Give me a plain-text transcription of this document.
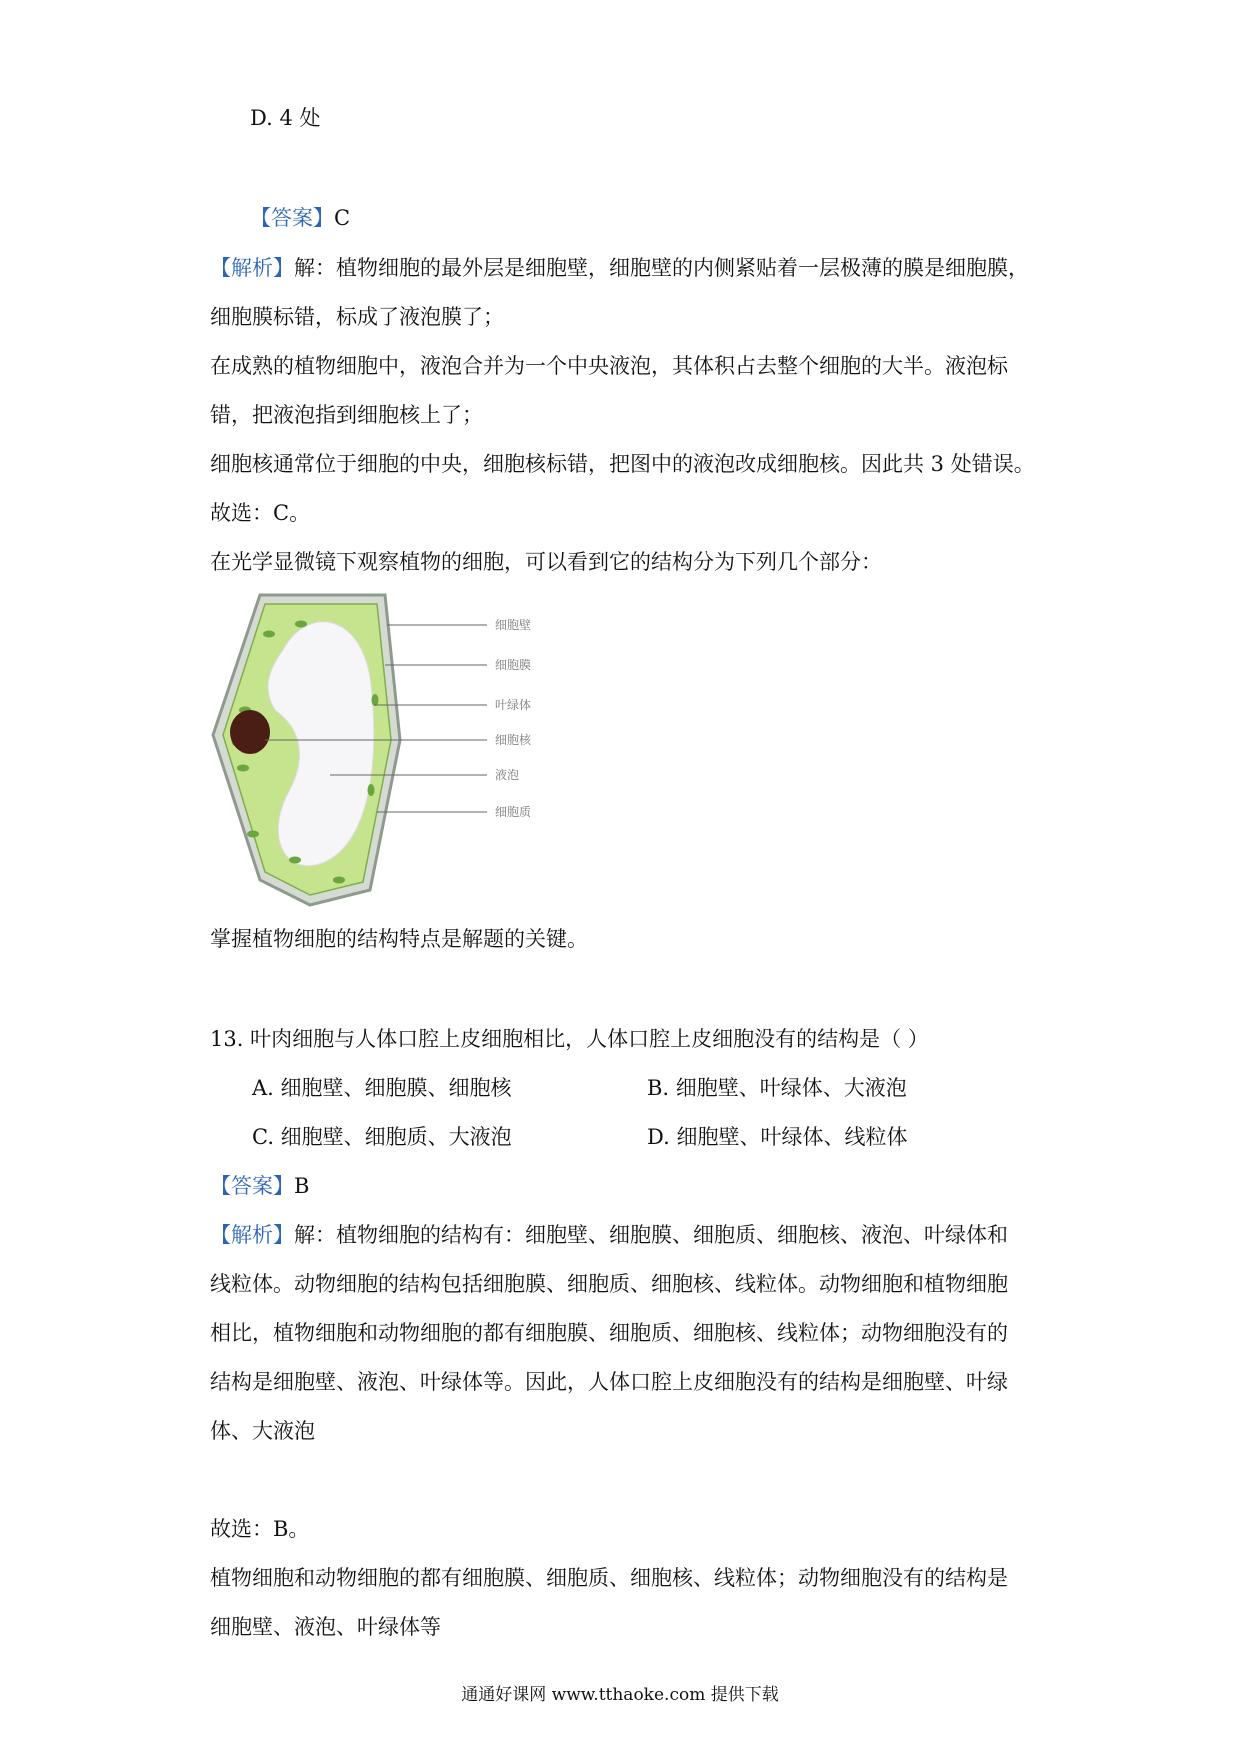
D. 4 处
【答案】C
【解析】解：植物细胞的最外层是细胞壁，细胞壁的内侧紧贴着一层极薄的膜是细胞膜，
细胞膜标错，标成了液泡膜了；
在成熟的植物细胞中，液泡合并为一个中央液泡，其体积占去整个细胞的大半。液泡标
错，把液泡指到细胞核上了；
细胞核通常位于细胞的中央，细胞核标错，把图中的液泡改成细胞核。因此共 3 处错误。
故选：C。
在光学显微镜下观察植物的细胞，可以看到它的结构分为下列几个部分：
细胞壁
细胞膜
叶绿体
细胞核
液泡
细胞质
掌握植物细胞的结构特点是解题的关键。
13. 叶肉细胞与人体口腔上皮细胞相比，人体口腔上皮细胞没有的结构是（ ）
A. 细胞壁、细胞膜、细胞核	B. 细胞壁、叶绿体、大液泡
C. 细胞壁、细胞质、大液泡	D. 细胞壁、叶绿体、线粒体
【答案】B
【解析】解：植物细胞的结构有：细胞壁、细胞膜、细胞质、细胞核、液泡、叶绿体和
线粒体。动物细胞的结构包括细胞膜、细胞质、细胞核、线粒体。动物细胞和植物细胞
相比，植物细胞和动物细胞的都有细胞膜、细胞质、细胞核、线粒体；动物细胞没有的
结构是细胞壁、液泡、叶绿体等。因此，人体口腔上皮细胞没有的结构是细胞壁、叶绿
体、大液泡
故选：B。
植物细胞和动物细胞的都有细胞膜、细胞质、细胞核、线粒体；动物细胞没有的结构是
细胞壁、液泡、叶绿体等
通通好课网 www.tthaoke.com 提供下载
